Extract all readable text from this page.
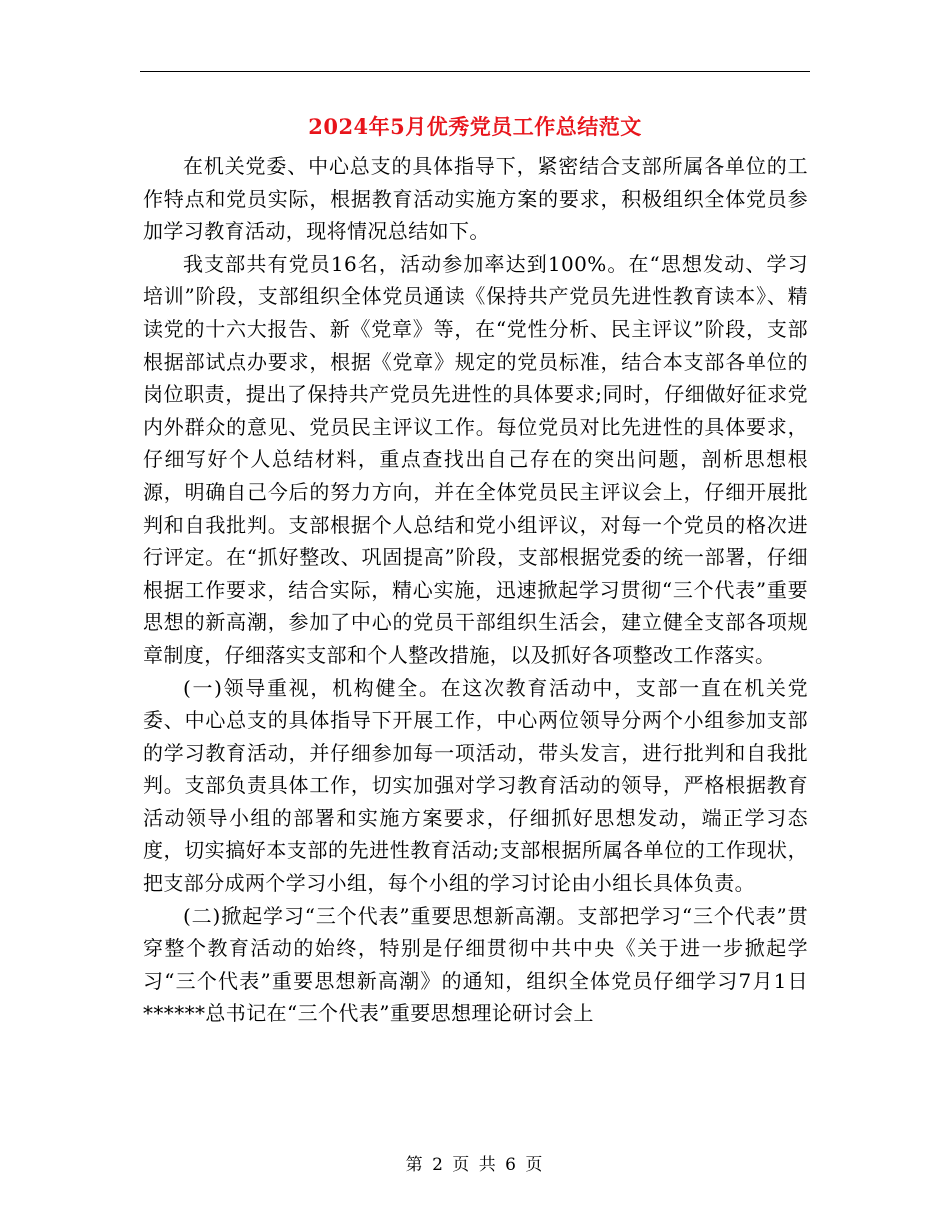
2024年5月优秀党员工作总结范文

在机关党委、中心总支的具体指导下，紧密结合支部所属各单位的工作特点和党员实际，根据教育活动实施方案的要求，积极组织全体党员参加学习教育活动，现将情况总结如下。

我支部共有党员16名，活动参加率达到100%。在“思想发动、学习培训”阶段，支部组织全体党员通读《保持共产党员先进性教育读本》、精读党的十六大报告、新《党章》等，在“党性分析、民主评议”阶段，支部根据部试点办要求，根据《党章》规定的党员标准，结合本支部各单位的岗位职责，提出了保持共产党员先进性的具体要求;同时，仔细做好征求党内外群众的意见、党员民主评议工作。每位党员对比先进性的具体要求，仔细写好个人总结材料，重点查找出自己存在的突出问题，剖析思想根源，明确自己今后的努力方向，并在全体党员民主评议会上，仔细开展批判和自我批判。支部根据个人总结和党小组评议，对每一个党员的格次进行评定。在“抓好整改、巩固提高”阶段，支部根据党委的统一部署，仔细根据工作要求，结合实际，精心实施，迅速掀起学习贯彻“三个代表”重要思想的新高潮，参加了中心的党员干部组织生活会，建立健全支部各项规章制度，仔细落实支部和个人整改措施，以及抓好各项整改工作落实。

(一)领导重视，机构健全。在这次教育活动中，支部一直在机关党委、中心总支的具体指导下开展工作，中心两位领导分两个小组参加支部的学习教育活动，并仔细参加每一项活动，带头发言，进行批判和自我批判。支部负责具体工作，切实加强对学习教育活动的领导，严格根据教育活动领导小组的部署和实施方案要求，仔细抓好思想发动，端正学习态度，切实搞好本支部的先进性教育活动;支部根据所属各单位的工作现状，把支部分成两个学习小组，每个小组的学习讨论由小组长具体负责。

(二)掀起学习“三个代表”重要思想新高潮。支部把学习“三个代表”贯穿整个教育活动的始终，特别是仔细贯彻中共中央《关于进一步掀起学习“三个代表”重要思想新高潮》的通知，组织全体党员仔细学习7月1日******总书记在“三个代表”重要思想理论研讨会上

第 2 页 共 6 页
